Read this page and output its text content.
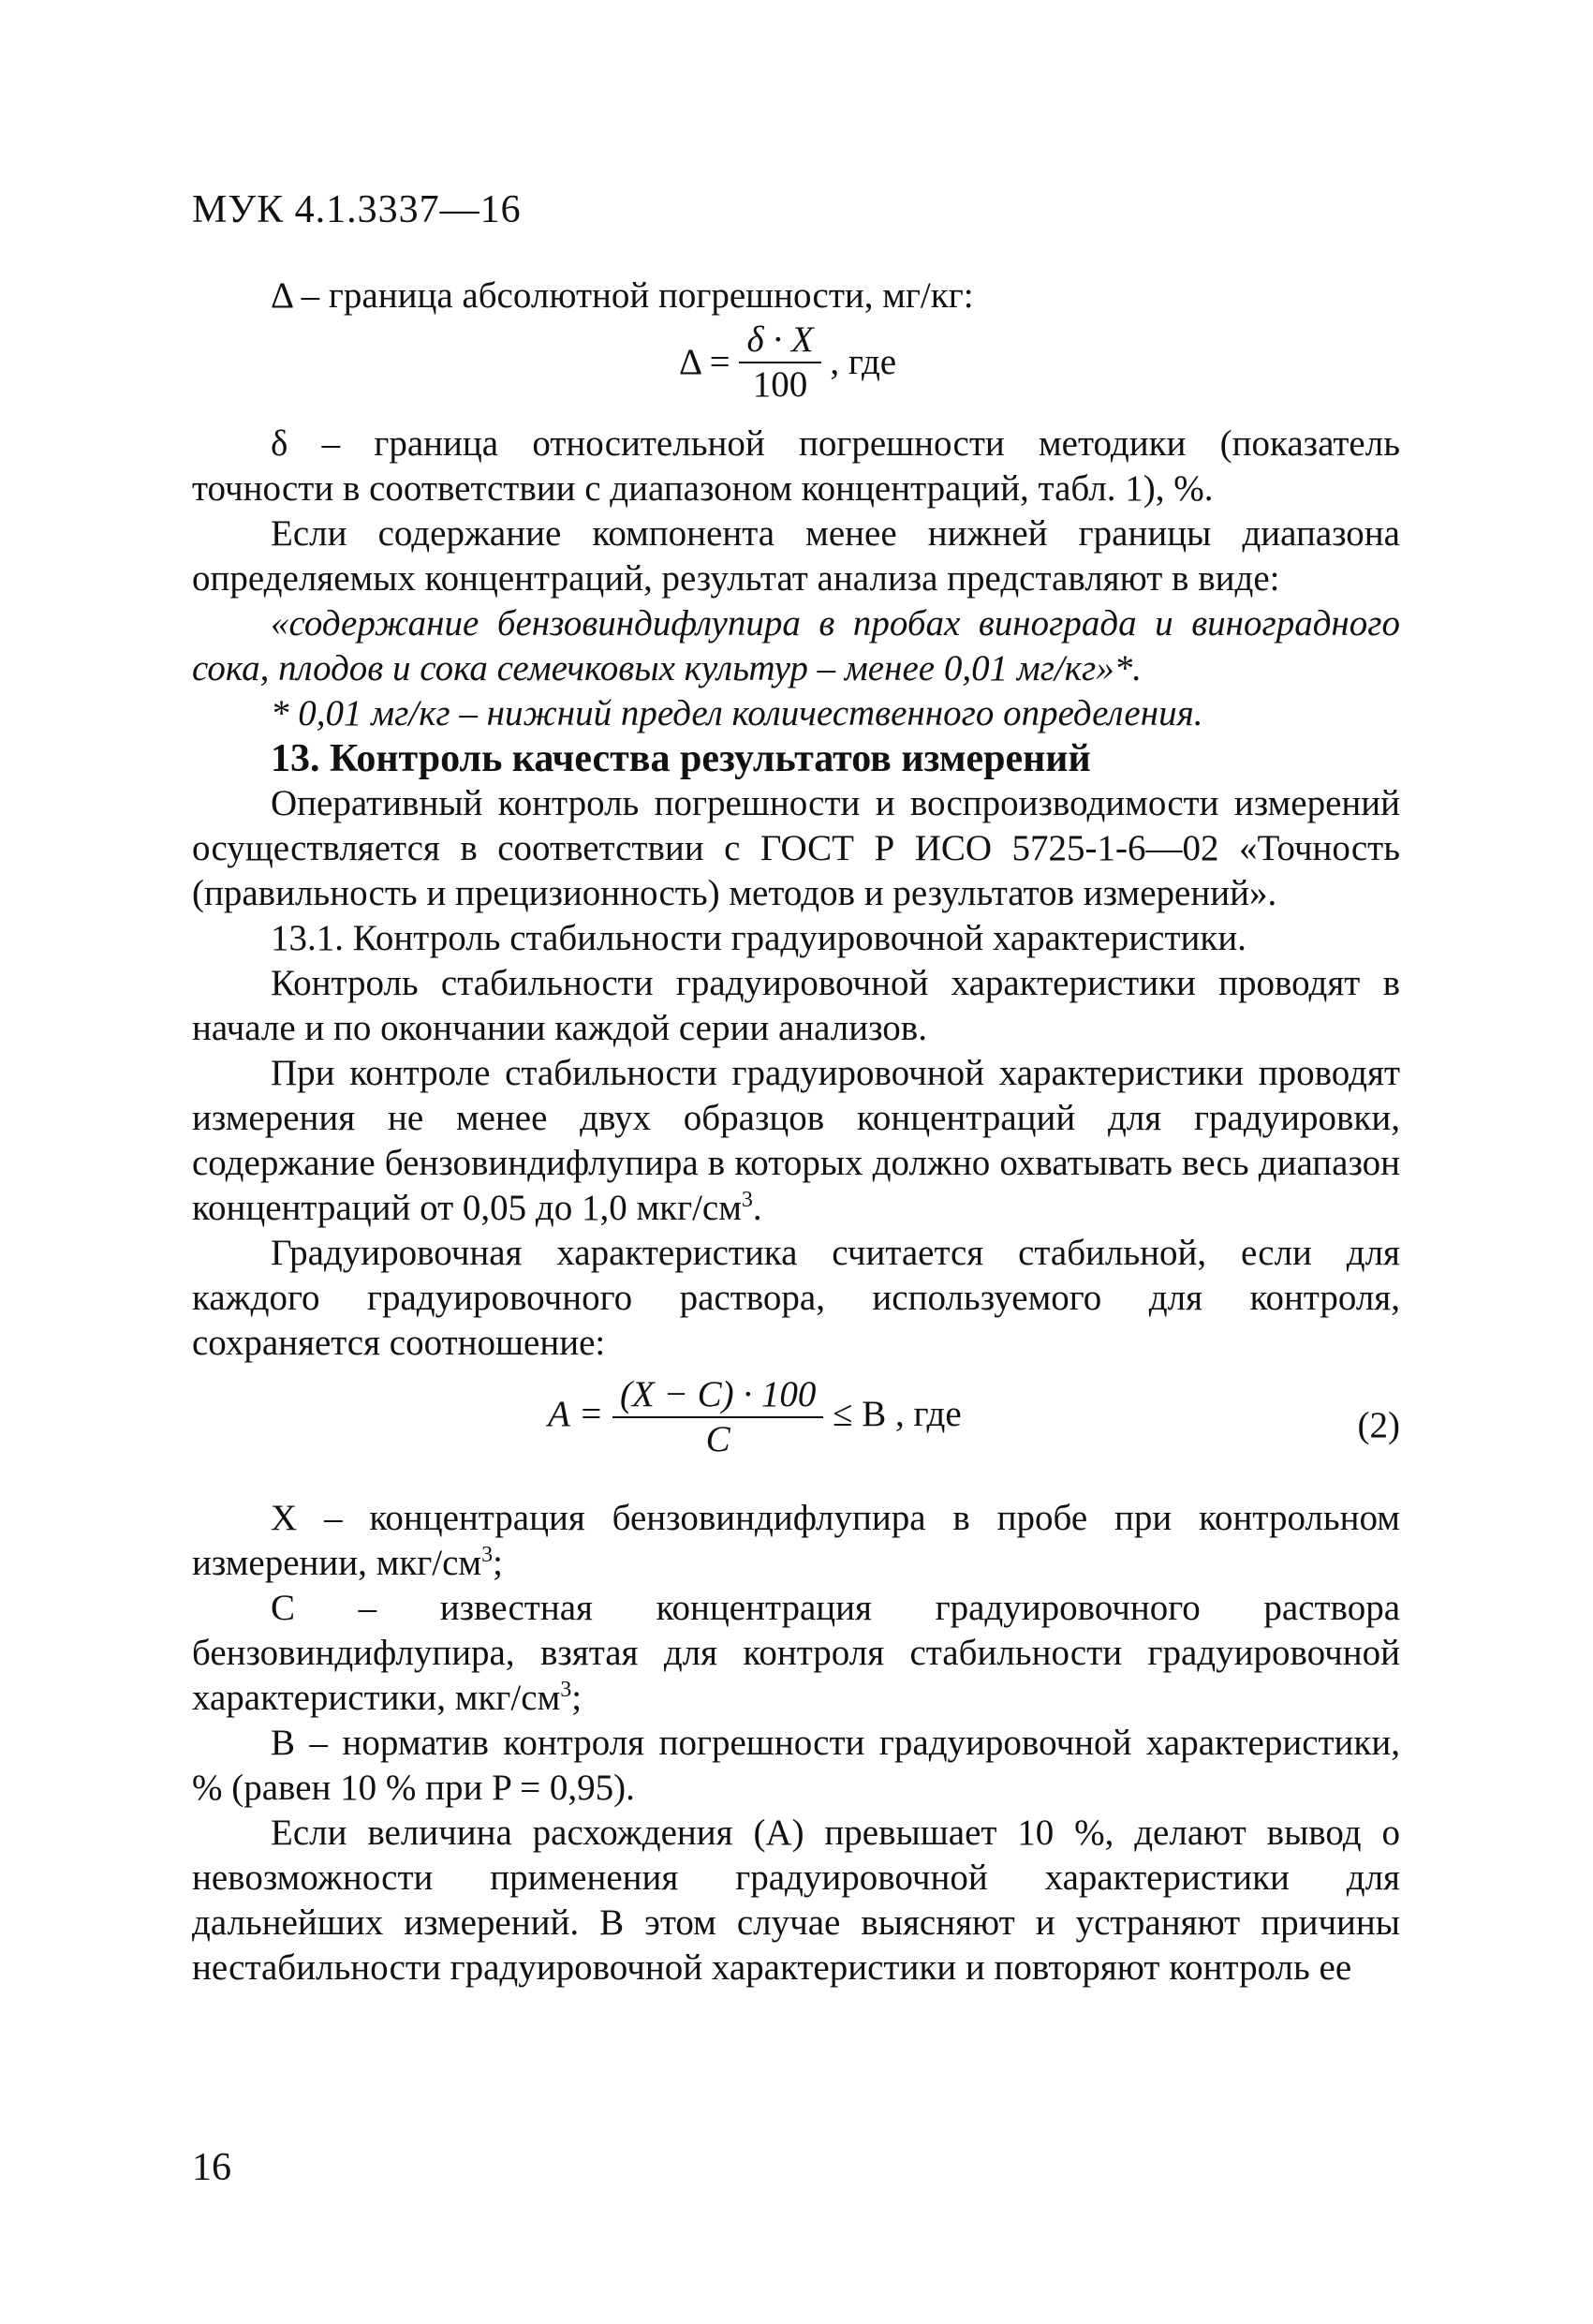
МУК 4.1.3337—16

Δ – граница абсолютной погрешности, мг/кг:

$\Delta = \frac{\delta \cdot X}{100}$ , где

δ – граница относительной погрешности методики (показатель точности в соответствии с диапазоном концентраций, табл. 1), %.

Если содержание компонента менее нижней границы диапазона определяемых концентраций, результат анализа представляют в виде:

«содержание бензовиндифлупира в пробах винограда и виноградного сока, плодов и сока семечковых культур – менее 0,01 мг/кг»*.

* 0,01 мг/кг – нижний предел количественного определения.

13. Контроль качества результатов измерений

Оперативный контроль погрешности и воспроизводимости измерений осуществляется в соответствии с ГОСТ Р ИСО 5725-1-6—02 «Точность (правильность и прецизионность) методов и результатов измерений».

13.1. Контроль стабильности градуировочной характеристики.

Контроль стабильности градуировочной характеристики проводят в начале и по окончании каждой серии анализов.

При контроле стабильности градуировочной характеристики проводят измерения не менее двух образцов концентраций для градуировки, содержание бензовиндифлупира в которых должно охватывать весь диапазон концентраций от 0,05 до 1,0 мкг/$см^3$.

Градуировочная характеристика считается стабильной, если для каждого градуировочного раствора, используемого для контроля, сохраняется соотношение:

$A = \frac{(X - C) \cdot 100}{C} \le B$ , где	(2)

X – концентрация бензовиндифлупира в пробе при контрольном измерении, мкг/$см^3$;

C – известная концентрация градуировочного раствора бензовиндифлупира, взятая для контроля стабильности градуировочной характеристики, мкг/$см^3$;

B – норматив контроля погрешности градуировочной характеристики, % (равен 10 % при P = 0,95).

Если величина расхождения (A) превышает 10 %, делают вывод о невозможности применения градуировочной характеристики для дальнейших измерений. В этом случае выясняют и устраняют причины нестабильности градуировочной характеристики и повторяют контроль ее

16
